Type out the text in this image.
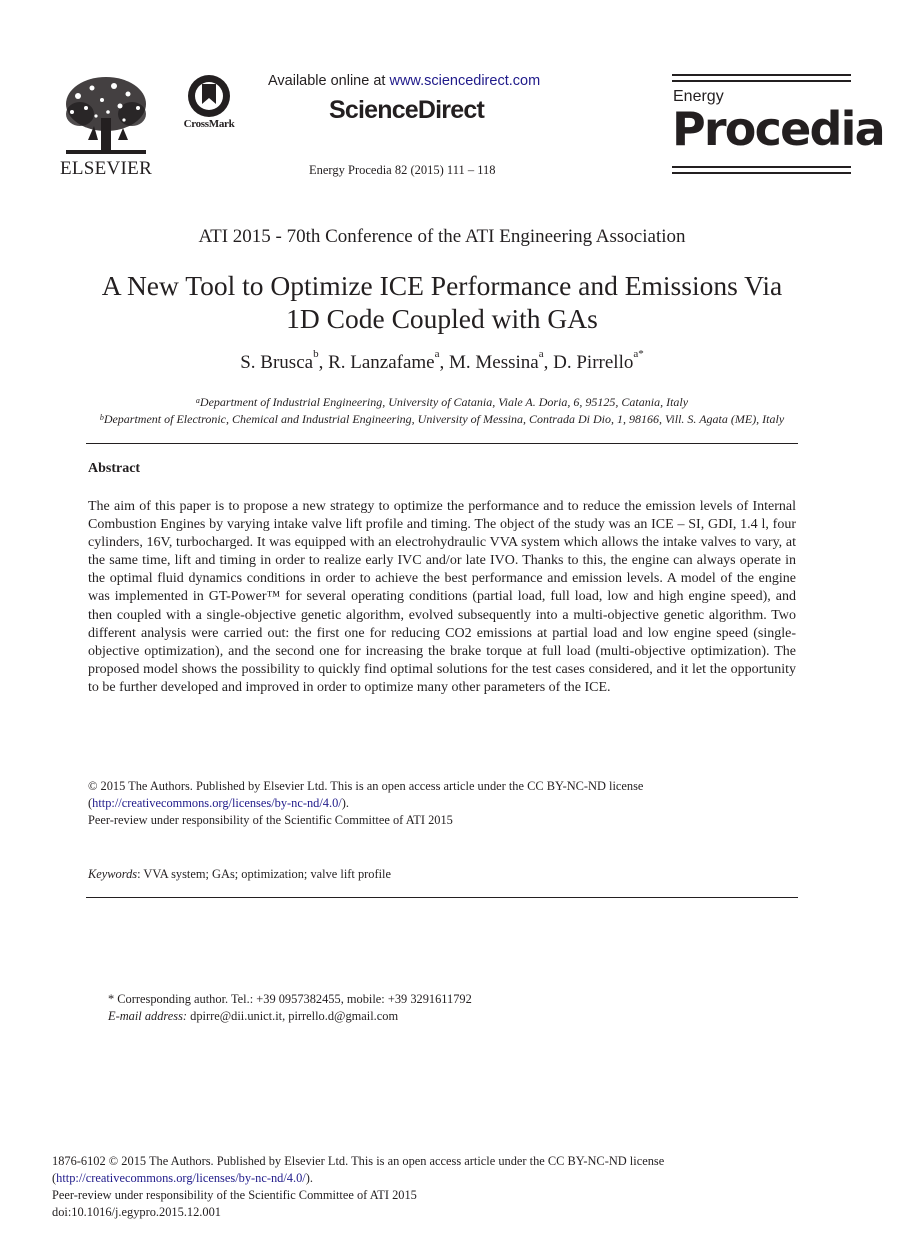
ELSEVIER
CrossMark
Available online at www.sciencedirect.com
ScienceDirect
Energy Procedia 82 (2015) 111 – 118
Energy
Procedia
ATI 2015 - 70th Conference of the ATI Engineering Association
A New Tool to Optimize ICE Performance and Emissions Via
1D Code Coupled with GAs
S. Brusca$^b$, R. Lanzafame$^a$, M. Messina$^a$, D. Pirrello$^{a*}$
$^a$Department of Industrial Engineering, University of Catania, Viale A. Doria, 6, 95125, Catania, Italy
$^b$Department of Electronic, Chemical and Industrial Engineering, University of Messina, Contrada Di Dio, 1, 98166, Vill. S. Agata (ME), Italy
Abstract
The aim of this paper is to propose a new strategy to optimize the performance and to reduce the emission levels of Internal Combustion Engines by varying intake valve lift profile and timing. The object of the study was an ICE – SI, GDI, 1.4 l, four cylinders, 16V, turbocharged. It was equipped with an electrohydraulic VVA system which allows the intake valves to vary, at the same time, lift and timing in order to realize early IVC and/or late IVO. Thanks to this, the engine can always operate in the optimal fluid dynamics conditions in order to achieve the best performance and emission levels. A model of the engine was implemented in GT-Power™ for several operating conditions (partial load, full load, low and high engine speed), and then coupled with a single-objective genetic algorithm, evolved subsequently into a multi-objective genetic algorithm. Two different analysis were carried out: the first one for reducing CO2 emissions at partial load and low engine speed (single-objective optimization), and the second one for increasing the brake torque at full load (multi-objective optimization). The proposed model shows the possibility to quickly find optimal solutions for the test cases considered, and it let the opportunity to be further developed and improved in order to optimize many other parameters of the ICE.
© 2015 The Authors. Published by Elsevier Ltd. This is an open access article under the CC BY-NC-ND license
(http://creativecommons.org/licenses/by-nc-nd/4.0/).
Peer-review under responsibility of the Scientific Committee of ATI 2015
Keywords: VVA system; GAs; optimization; valve lift profile
* Corresponding author. Tel.: +39 0957382455, mobile: +39 3291611792
E-mail address: dpirre@dii.unict.it, pirrello.d@gmail.com
1876-6102 © 2015 The Authors. Published by Elsevier Ltd. This is an open access article under the CC BY-NC-ND license
(http://creativecommons.org/licenses/by-nc-nd/4.0/).
Peer-review under responsibility of the Scientific Committee of ATI 2015
doi:10.1016/j.egypro.2015.12.001
